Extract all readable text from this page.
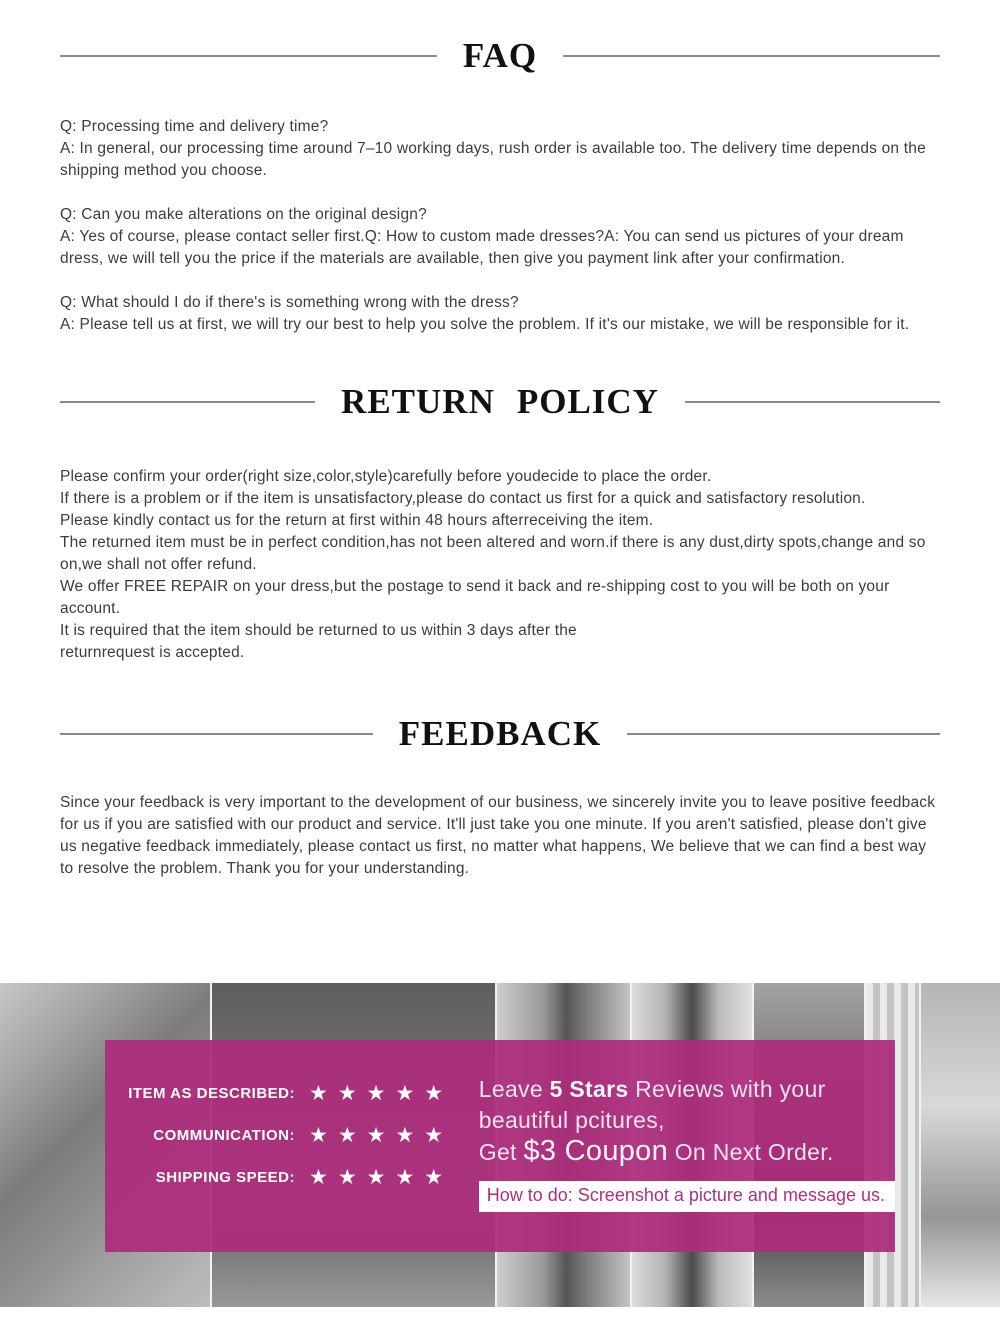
FAQ

Q: Processing time and delivery time?
A: In general, our processing time around 7–10 working days, rush order is available too. The delivery time depends on the shipping method you choose.

Q: Can you make alterations on the original design?
A: Yes of course, please contact seller first.Q: How to custom made dresses?A: You can send us pictures of your dream dress, we will tell you the price if the materials are available, then give you payment link after your confirmation.

Q: What should I do if there's is something wrong with the dress?
A: Please tell us at first, we will try our best to help you solve the problem. If it's our mistake, we will be responsible for it.

RETURN POLICY
Please confirm your order(right size,color,style)carefully before youdecide to place the order.
If there is a problem or if the item is unsatisfactory,please do contact us first for a quick and satisfactory resolution.
Please kindly contact us for the return at first within 48 hours afterreceiving the item.
The returned item must be in perfect condition,has not been altered and worn.if there is any dust,dirty spots,change and so on,we shall not offer refund.
We offer FREE REPAIR on your dress,but the postage to send it back and re-shipping cost to you will be both on your account.
It is required that the item should be returned to us within 3 days after the
returnrequest is accepted.
FEEDBACK

Since your feedback is very important to the development of our business, we sincerely invite you to leave positive feedback for us if you are satisfied with our product and service. It'll just take you one minute. If you aren't satisfied, please don't give us negative feedback immediately, please contact us first, no matter what happens, We believe that we can find a best way to resolve the problem. Thank you for your understanding.

ITEM AS DESCRIBED: ★★★★★
COMMUNICATION: ★★★★★
SHIPPING SPEED: ★★★★★
Leave 5 Stars Reviews with your
beautiful pcitures,
Get $3 Coupon On Next Order.
How to do: Screenshot a picture and message us.
